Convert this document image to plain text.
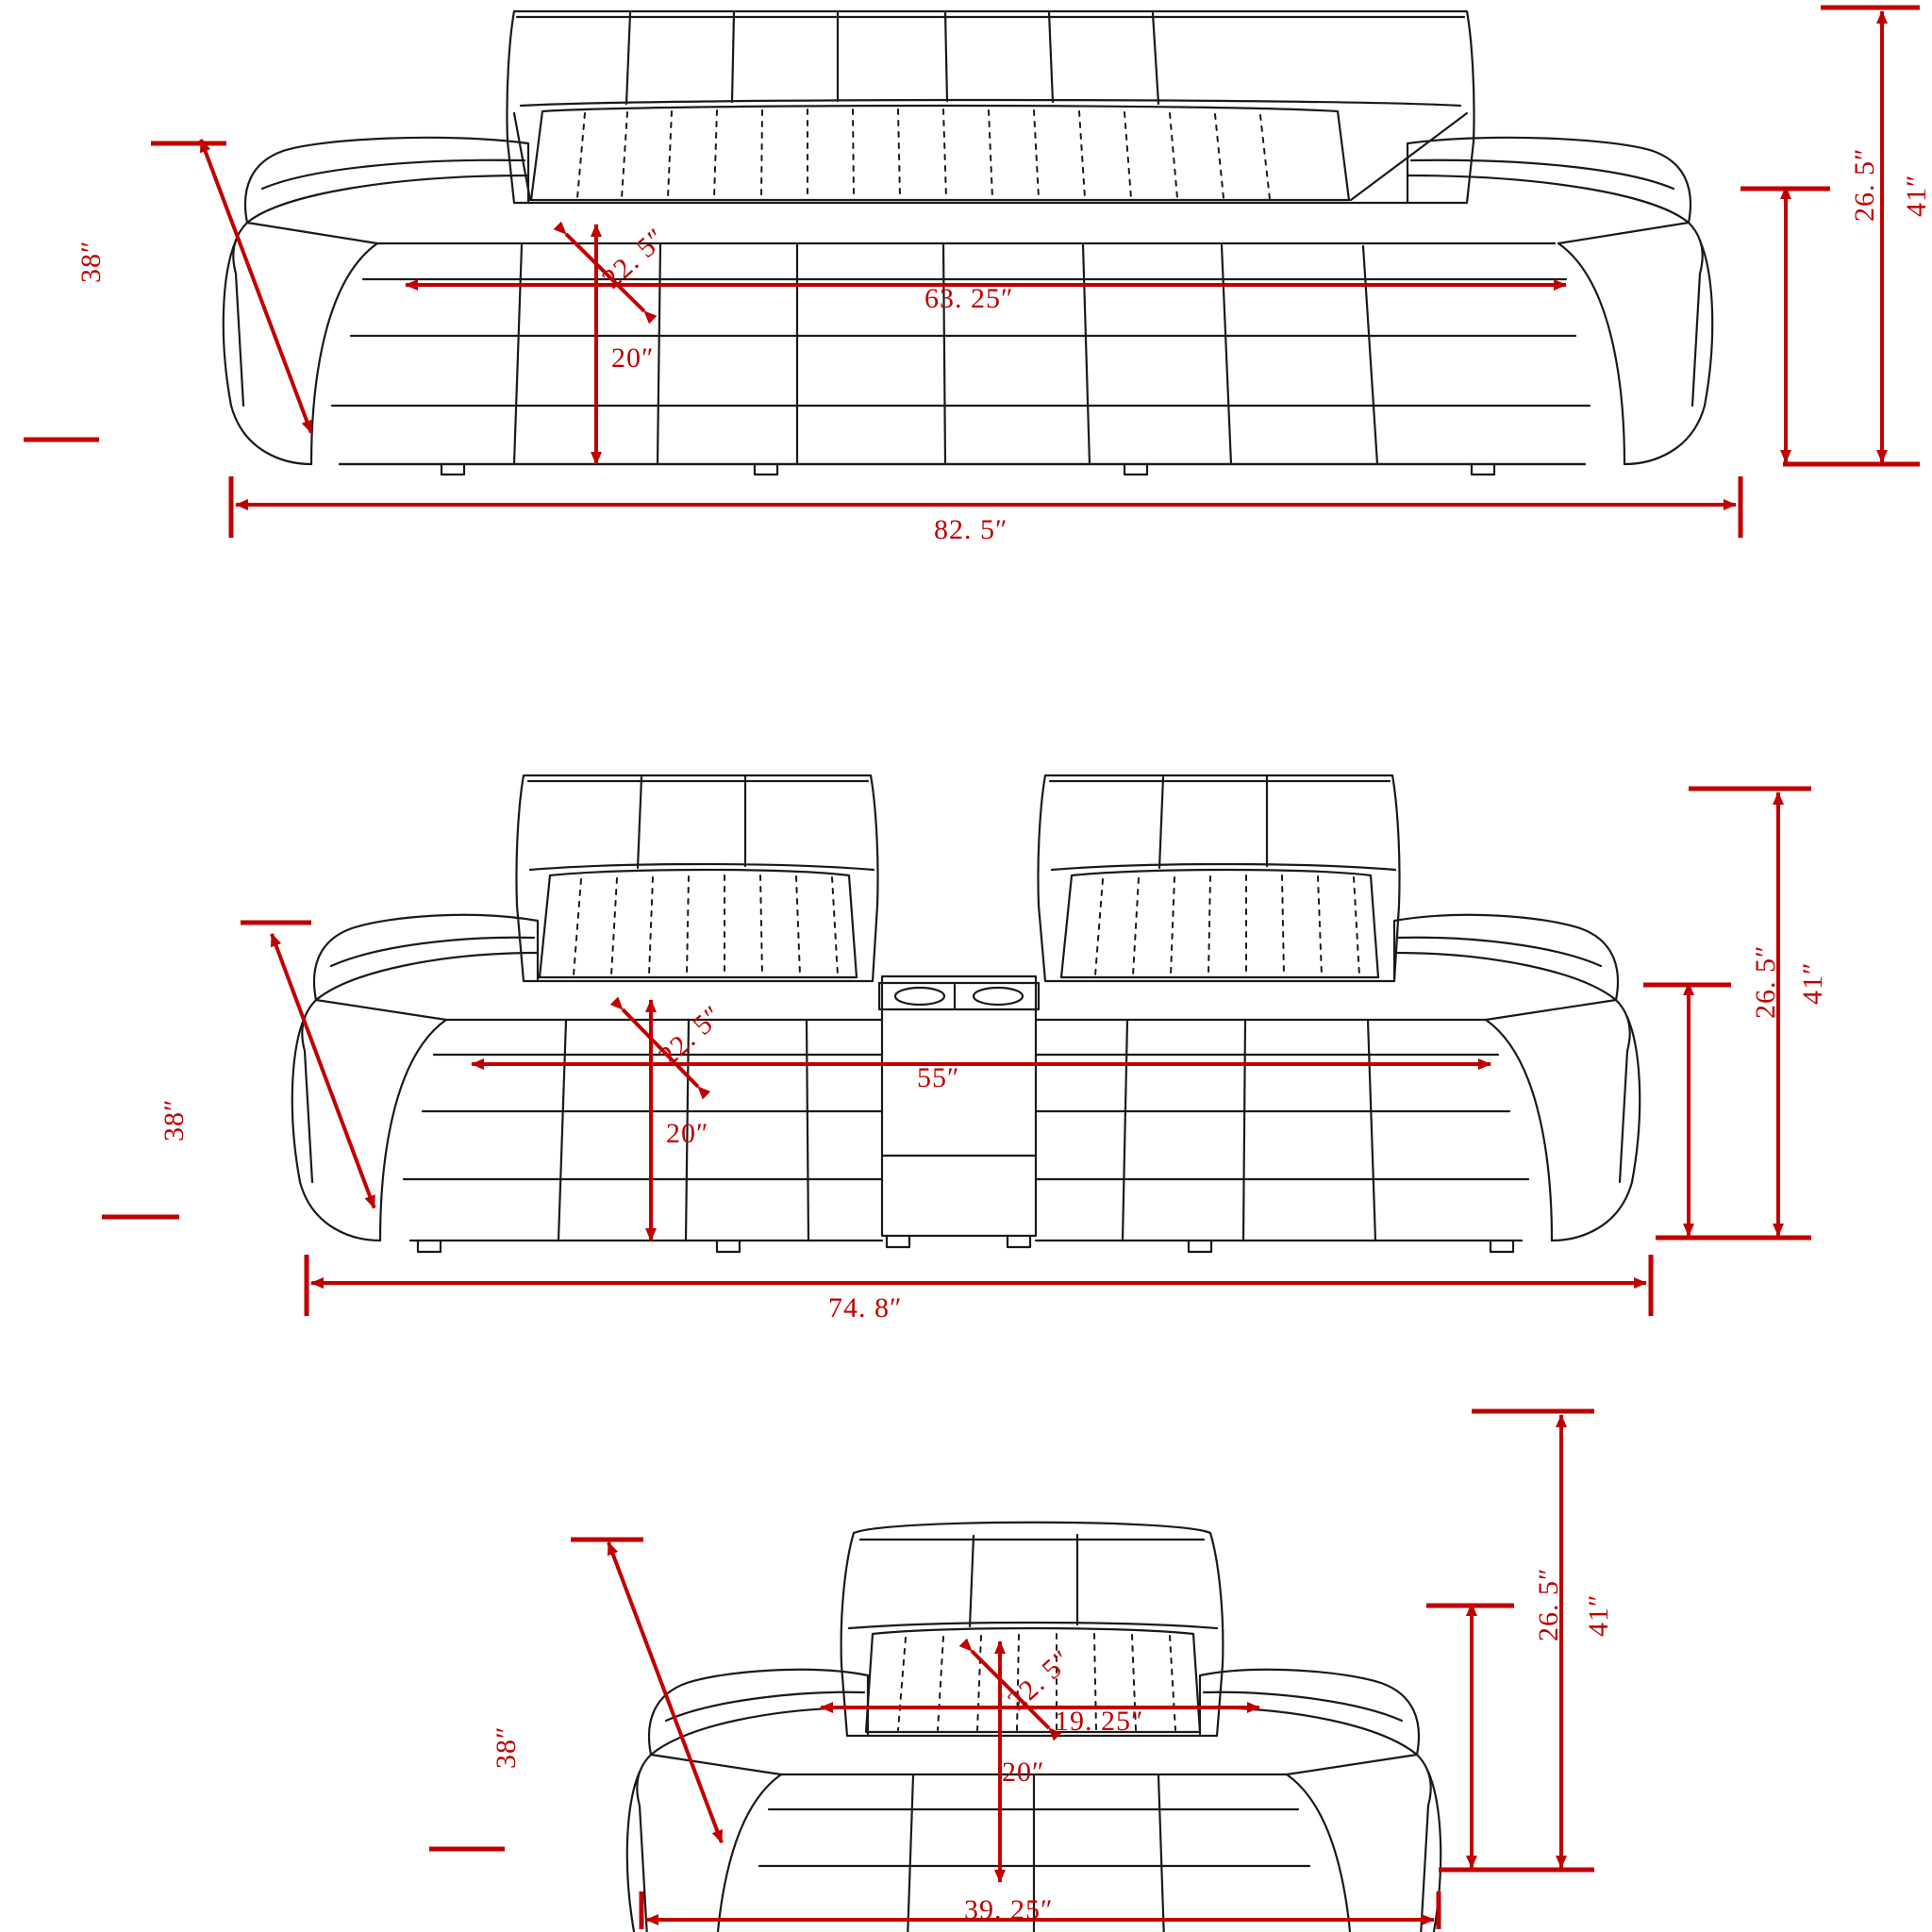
38″	22. 5″
20″
63. 25″
82. 5″
26. 5″ 41″
38″
22. 5″
20″
55″
74. 8″
26. 5″ 41″
38″
22. 5″
20″
19. 25″
39. 25″
26. 5″ 41″
